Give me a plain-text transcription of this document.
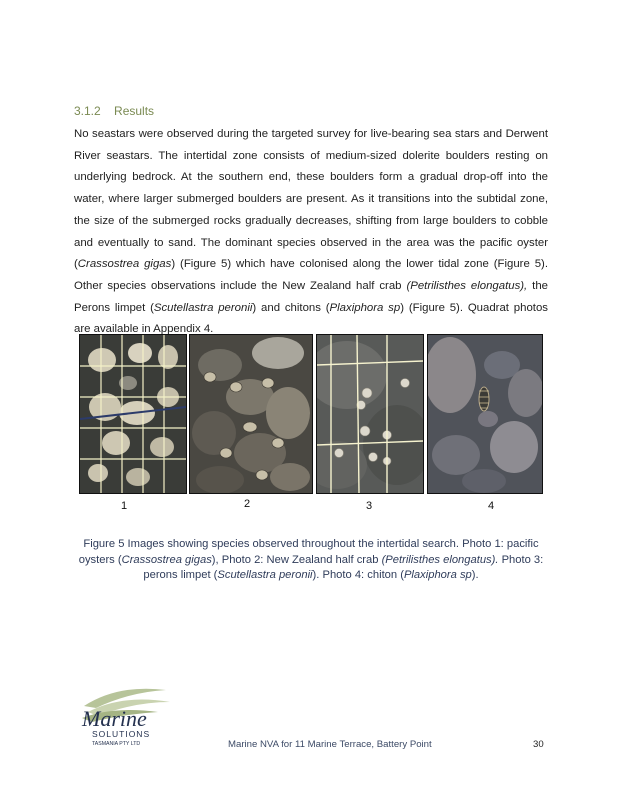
3.1.2 Results
No seastars were observed during the targeted survey for live-bearing sea stars and Derwent River seastars. The intertidal zone consists of medium-sized dolerite boulders resting on underlying bedrock. At the southern end, these boulders form a gradual drop-off into the water, where larger submerged boulders are present. As it transitions into the subtidal zone, the size of the submerged rocks gradually decreases, shifting from large boulders to cobble and eventually to sand. The dominant species observed in the area was the pacific oyster (Crassostrea gigas) (Figure 5) which have colonised along the lower tidal zone (Figure 5). Other species observations include the New Zealand half crab (Petrilisthes elongatus), the Perons limpet (Scutellastra peronii) and chitons (Plaxiphora sp) (Figure 5). Quadrat photos are available in Appendix 4.
1	2	3	4
Figure 5 Images showing species observed throughout the intertidal search. Photo 1: pacific oysters (Crassostrea gigas), Photo 2: New Zealand half crab (Petrilisthes elongatus). Photo 3: perons limpet (Scutellastra peronii). Photo 4: chiton (Plaxiphora sp).
Marine
SOLUTIONS
TASMANIA PTY LTD	Marine NVA for 11 Marine Terrace, Battery Point	30
